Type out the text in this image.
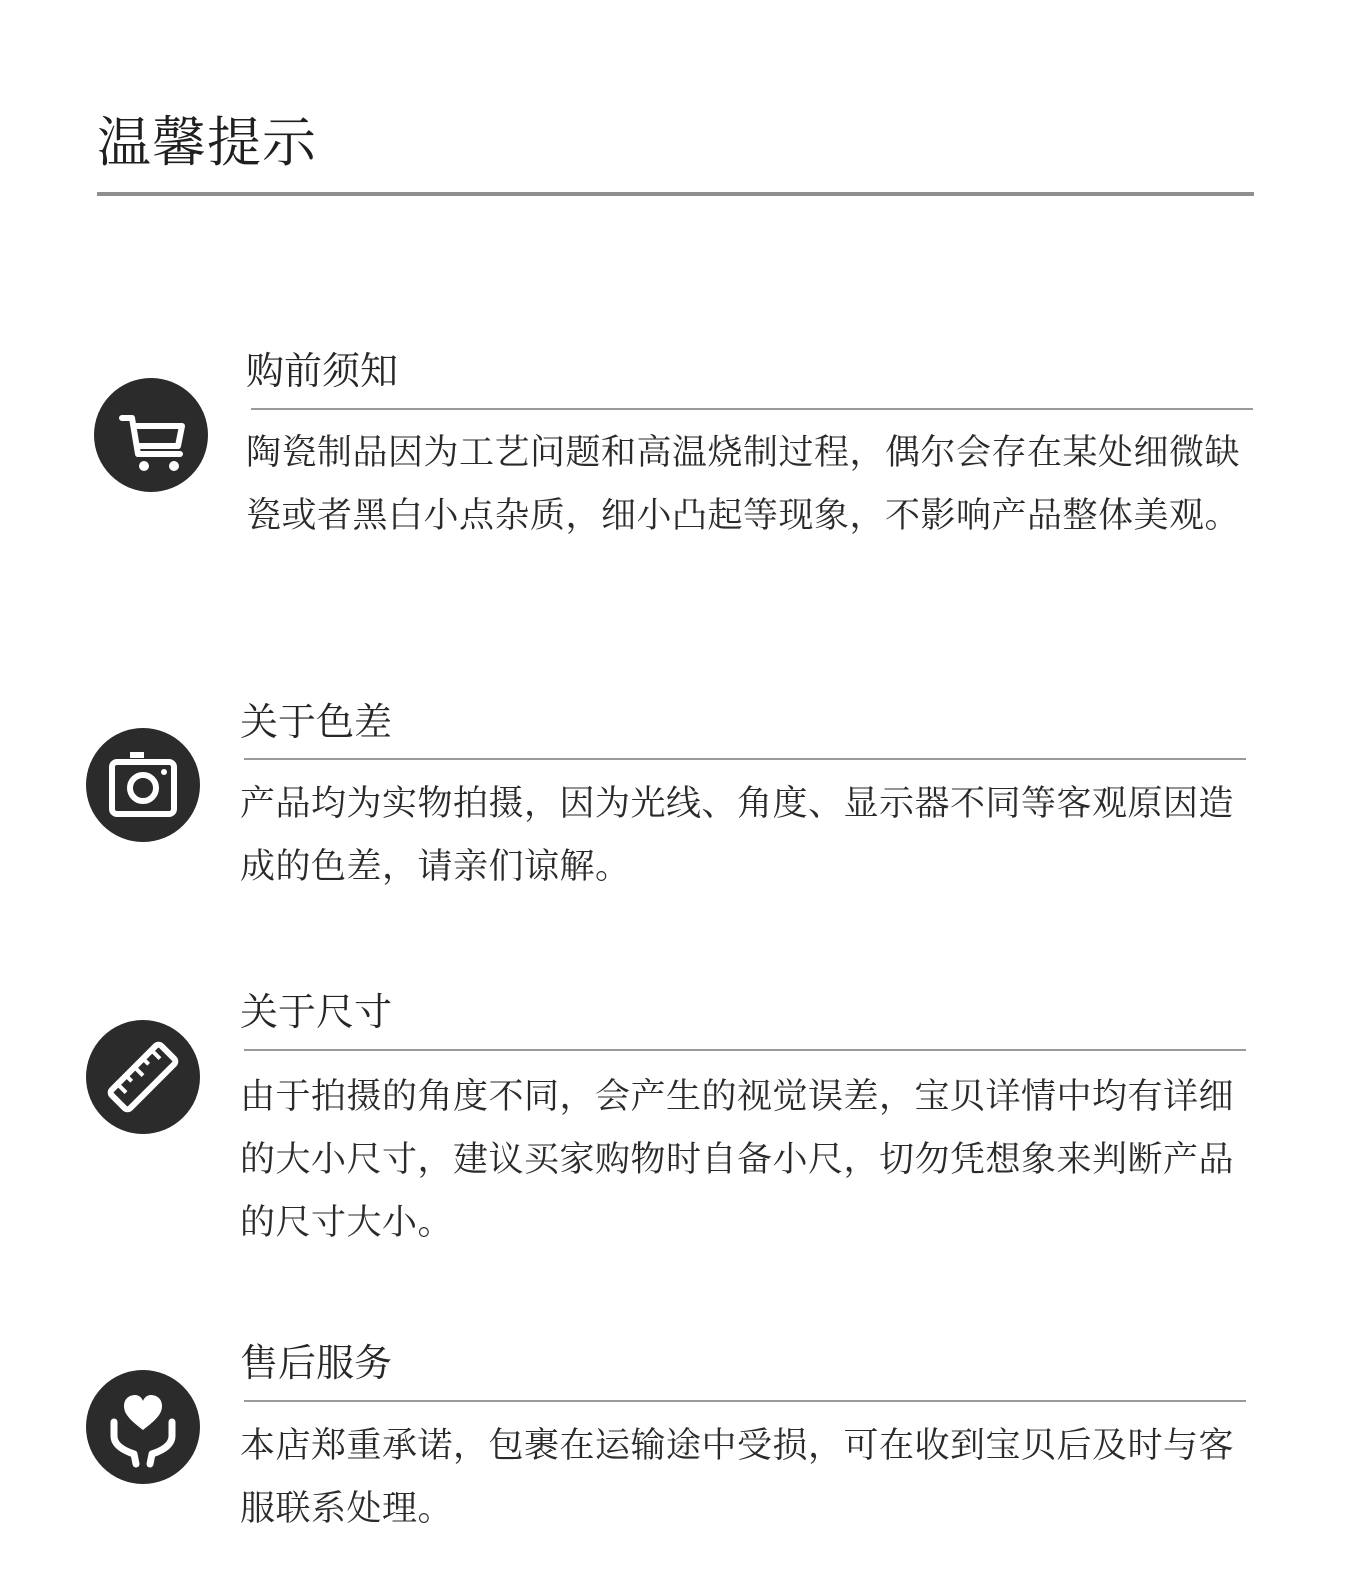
温馨提示
购前须知
陶瓷制品因为工艺问题和高温烧制过程，偶尔会存在某处细微缺瓷或者黑白小点杂质，细小凸起等现象，不影响产品整体美观。
关于色差
产品均为实物拍摄，因为光线、角度、显示器不同等客观原因造成的色差，请亲们谅解。
关于尺寸
由于拍摄的角度不同，会产生的视觉误差，宝贝详情中均有详细的大小尺寸，建议买家购物时自备小尺，切勿凭想象来判断产品的尺寸大小。
售后服务
本店郑重承诺，包裹在运输途中受损，可在收到宝贝后及时与客服联系处理。
